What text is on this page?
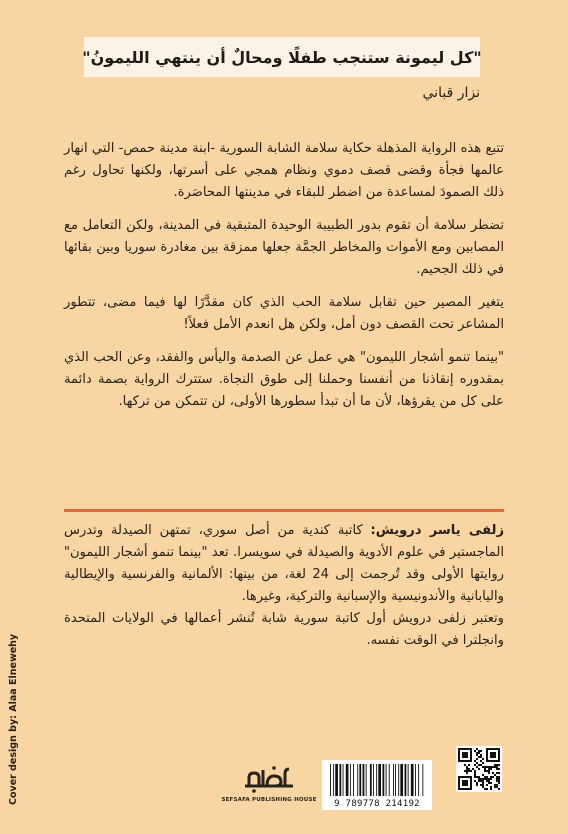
"كل ليمونة ستنجب طفلًا ومحالٌ أن ينتهي الليمونُ"
نزار قباني

تتبع هذه الرواية المذهلة حكاية سلامة الشابة السورية -ابنة مدينة حمص- التي انهار عالمها فجأة وقضى قصف دموي ونظام همجي على أسرتها، ولكنها تحاول رغم ذلك الصمودَ لمساعدة من اضطر للبقاء في مدينتها المحاصَرة.

تضطر سلامة أن تقوم بدور الطبيبة الوحيدة المتبقية في المدينة، ولكن التعامل مع المصابين ومع الأموات والمخاطر الجمَّة جعلها ممزقة بين مغادرة سوريا وبين بقائها في ذلك الجحيم.

يتغير المصير حين تقابل سلامة الحب الذي كان مقدَّرًا لها فيما مضى، تتطور المشاعر تحت القصف دون أمل، ولكن هل انعدم الأمل فعلاً!

"بينما تنمو أشجار الليمون" هي عمل عن الصدمة واليأس والفقد، وعن الحب الذي بمقدوره إنقاذنا من أنفسنا وحملنا إلى طوق النجاة. ستترك الرواية بصمة دائمة على كل من يقرؤها، لأن ما أن تبدأ سطورها الأولى، لن تتمكن من تركها.

زلفى ياسر درويش: كاتبة كندية من أصل سوري، تمتهن الصيدلة وتدرس الماجستير في علوم الأدوية والصيدلة في سويسرا. تعد "بينما تنمو أشجار الليمون" روايتها الأولى وقد تُرجمت إلى 24 لغة، من بينها: الألمانية والفرنسية والإيطالية واليابانية والأندونيسية والإسبانية والتركية، وغيرها.

وتعتبر زلفى درويش أول كاتبة سورية شابة تُنشر أعمالها في الولايات المتحدة وانجلترا في الوقت نفسه.

Cover design by: Alaa Elnewehy	SEFSAFA PUBLISHING HOUSE	9 789778 214192
